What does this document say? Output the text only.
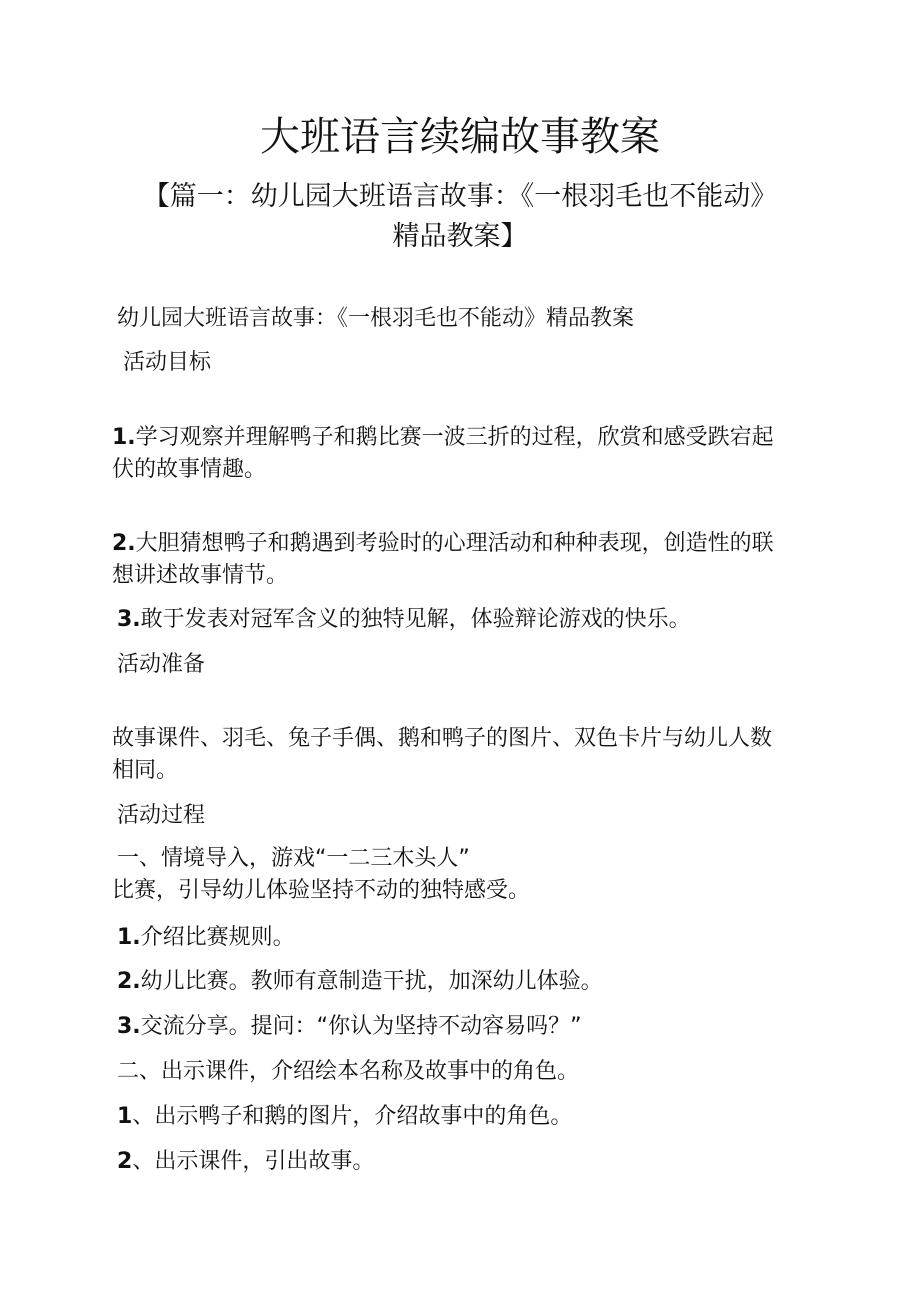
大班语言续编故事教案
【篇一：幼儿园大班语言故事：《一根羽毛也不能动》
精品教案】
幼儿园大班语言故事：《一根羽毛也不能动》精品教案
活动目标
1.学习观察并理解鸭子和鹅比赛一波三折的过程，欣赏和感受跌宕起
伏的故事情趣。
2.大胆猜想鸭子和鹅遇到考验时的心理活动和种种表现，创造性的联
想讲述故事情节。
3.敢于发表对冠军含义的独特见解，体验辩论游戏的快乐。
活动准备
故事课件、羽毛、兔子手偶、鹅和鸭子的图片、双色卡片与幼儿人数
相同。
活动过程
一、情境导入，游戏“一二三木头人”
比赛，引导幼儿体验坚持不动的独特感受。
1.介绍比赛规则。
2.幼儿比赛。教师有意制造干扰，加深幼儿体验。
3.交流分享。提问：“你认为坚持不动容易吗？”
二、出示课件，介绍绘本名称及故事中的角色。
1、出示鸭子和鹅的图片，介绍故事中的角色。
2、出示课件，引出故事。
